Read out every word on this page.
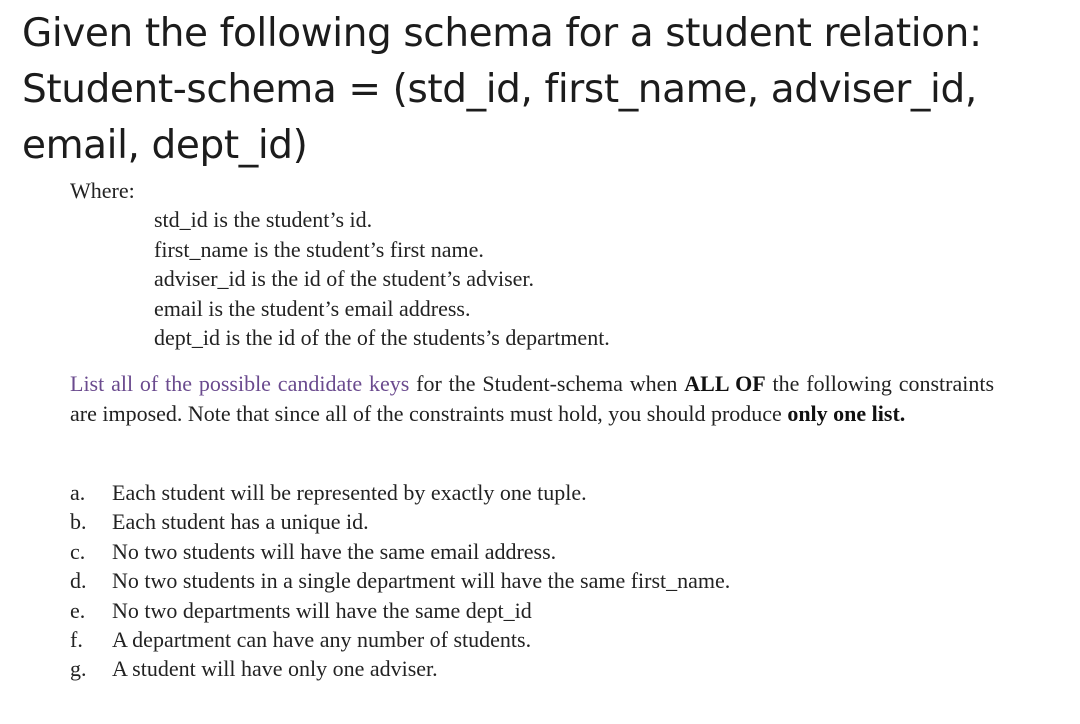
Given the following schema for a student relation:
Student-schema = (std_id, first_name, adviser_id,
email, dept_id)
Where:
std_id is the student’s id.
first_name is the student’s first name.
adviser_id is the id of the student’s adviser.
email is the student’s email address.
dept_id is the id of the of the students’s department.
List all of the possible candidate keys for the Student-schema when ALL OF the following constraints are imposed. Note that since all of the constraints must hold, you should produce only one list.
a.	Each student will be represented by exactly one tuple.
b.	Each student has a unique id.
c.	No two students will have the same email address.
d.	No two students in a single department will have the same first_name.
e.	No two departments will have the same dept_id
f.	A department can have any number of students.
g.	A student will have only one adviser.
